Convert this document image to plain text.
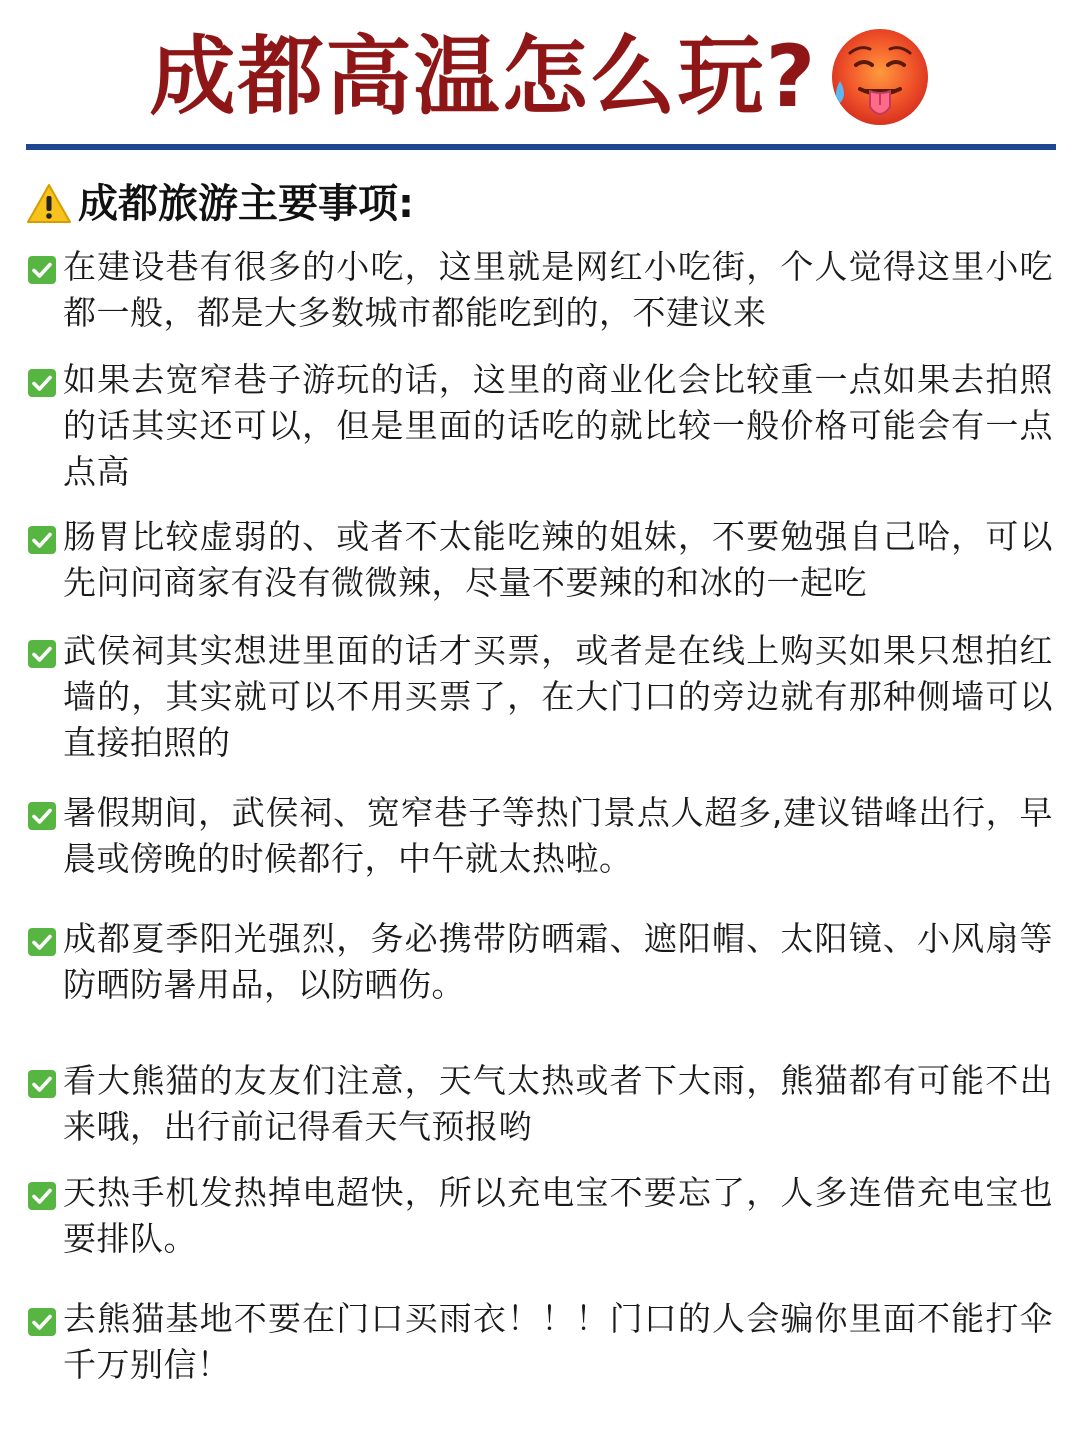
成都高温怎么玩?
成都旅游主要事项:
在建设巷有很多的小吃，这里就是网红小吃街，个人觉得这里小吃都一般，都是大多数城市都能吃到的，不建议来
如果去宽窄巷子游玩的话，这里的商业化会比较重一点如果去拍照的话其实还可以，但是里面的话吃的就比较一般价格可能会有一点点高
肠胃比较虚弱的、或者不太能吃辣的姐妹，不要勉强自己哈，可以先问问商家有没有微微辣，尽量不要辣的和冰的一起吃
武侯祠其实想进里面的话才买票，或者是在线上购买如果只想拍红墙的，其实就可以不用买票了，在大门口的旁边就有那种侧墙可以直接拍照的
暑假期间，武侯祠、宽窄巷子等热门景点人超多,建议错峰出行，早晨或傍晚的时候都行，中午就太热啦。
成都夏季阳光强烈，务必携带防晒霜、遮阳帽、太阳镜、小风扇等防晒防暑用品，以防晒伤。
看大熊猫的友友们注意，天气太热或者下大雨，熊猫都有可能不出来哦，出行前记得看天气预报哟
天热手机发热掉电超快，所以充电宝不要忘了，人多连借充电宝也要排队。
去熊猫基地不要在门口买雨衣！！！门口的人会骗你里面不能打伞千万别信！
